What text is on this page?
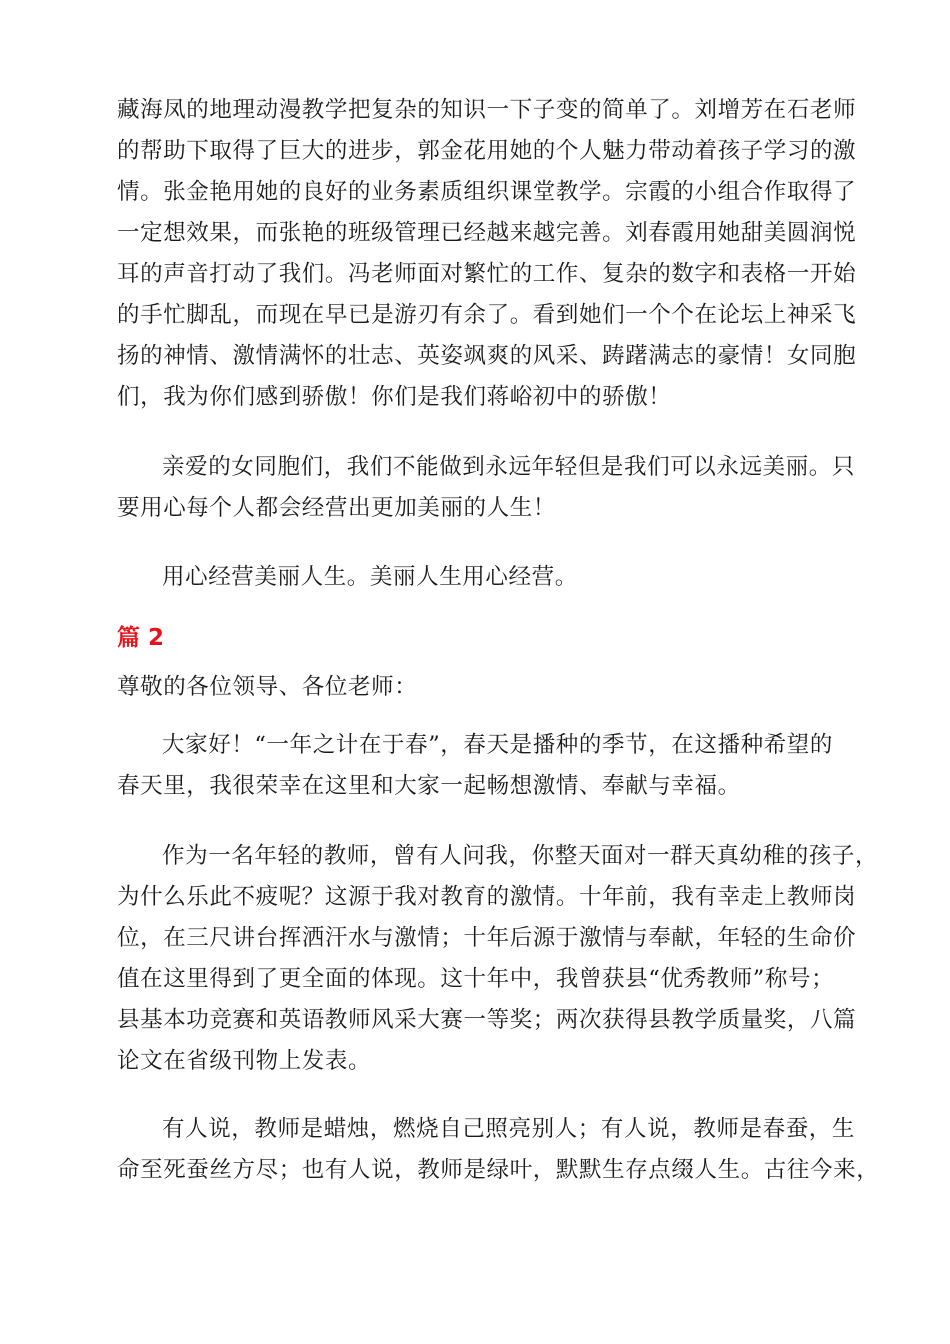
藏海凤的地理动漫教学把复杂的知识一下子变的简单了。刘增芳在石老师
的帮助下取得了巨大的进步，郭金花用她的个人魅力带动着孩子学习的激
情。张金艳用她的良好的业务素质组织课堂教学。宗霞的小组合作取得了
一定想效果，而张艳的班级管理已经越来越完善。刘春霞用她甜美圆润悦
耳的声音打动了我们。冯老师面对繁忙的工作、复杂的数字和表格一开始
的手忙脚乱，而现在早已是游刃有余了。看到她们一个个在论坛上神采飞
扬的神情、激情满怀的壮志、英姿飒爽的风采、踌躇满志的豪情！女同胞
们，我为你们感到骄傲！你们是我们蒋峪初中的骄傲！
亲爱的女同胞们，我们不能做到永远年轻但是我们可以永远美丽。只
要用心每个人都会经营出更加美丽的人生！
用心经营美丽人生。美丽人生用心经营。
篇 2
尊敬的各位领导、各位老师：
大家好！“一年之计在于春”，春天是播种的季节，在这播种希望的
春天里，我很荣幸在这里和大家一起畅想激情、奉献与幸福。
作为一名年轻的教师，曾有人问我，你整天面对一群天真幼稚的孩子，
为什么乐此不疲呢？这源于我对教育的激情。十年前，我有幸走上教师岗
位，在三尺讲台挥洒汗水与激情；十年后源于激情与奉献，年轻的生命价
值在这里得到了更全面的体现。这十年中，我曾获县“优秀教师”称号；
县基本功竞赛和英语教师风采大赛一等奖；两次获得县教学质量奖，八篇
论文在省级刊物上发表。
有人说，教师是蜡烛，燃烧自己照亮别人；有人说，教师是春蚕，生
命至死蚕丝方尽；也有人说，教师是绿叶，默默生存点缀人生。古往今来，
